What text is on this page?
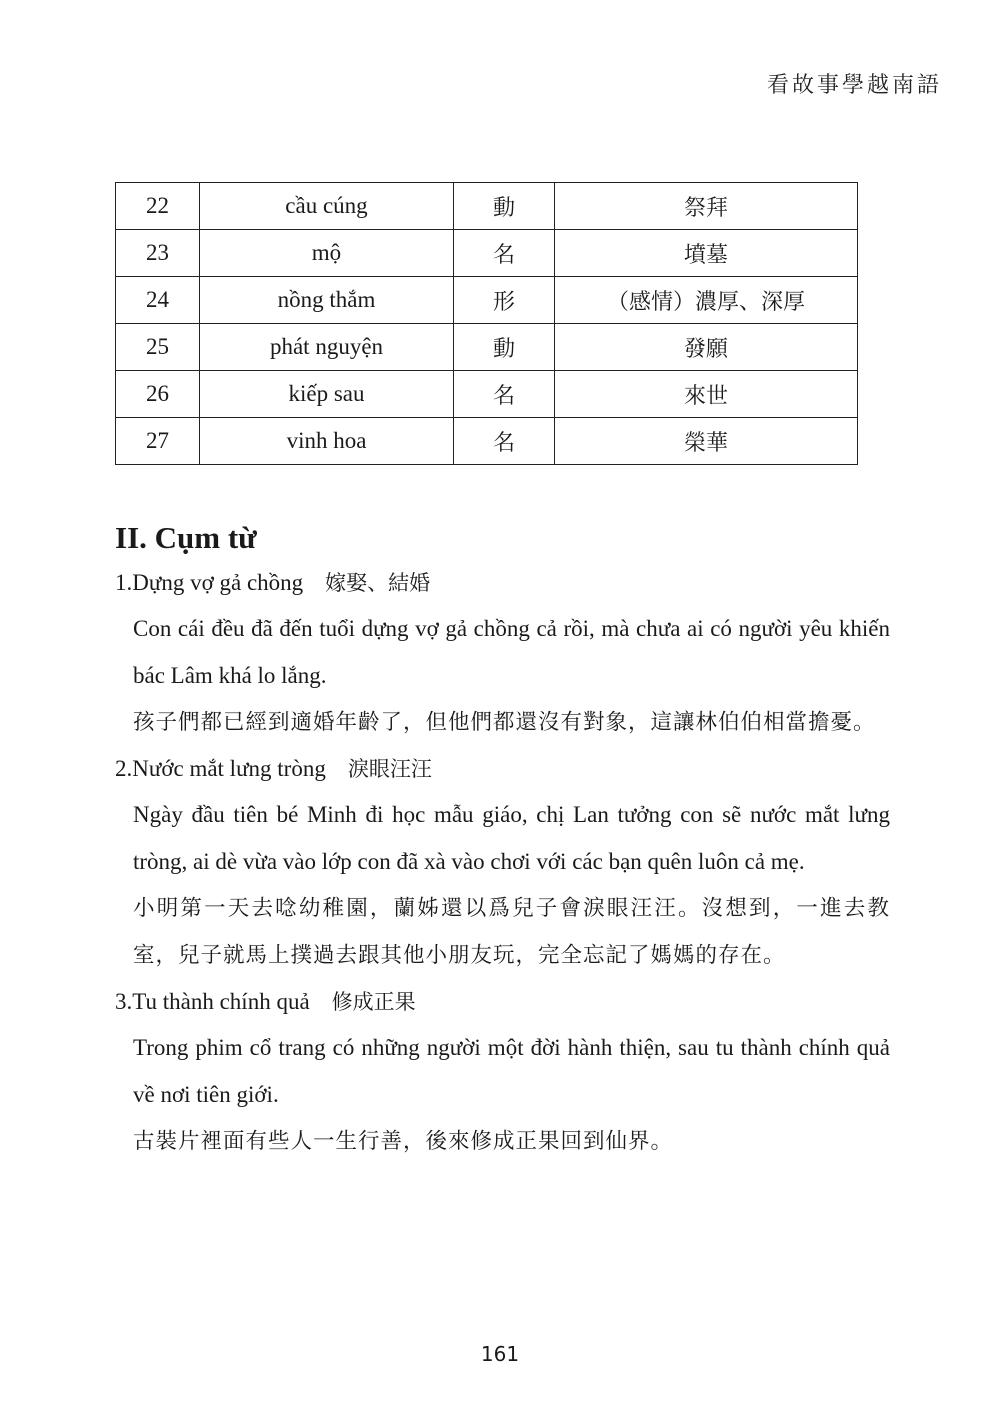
看故事學越南語
22	cầu cúng	動	祭拜
23	mộ	名	墳墓
24	nồng thắm	形	（感情）濃厚、深厚
25	phát nguyện	動	發願
26	kiếp sau	名	來世
27	vinh hoa	名	榮華
II. Cụm từ
1.Dựng vợ gả chồng 嫁娶、結婚

Con cái đều đã đến tuổi dựng vợ gả chồng cả rồi, mà chưa ai có người yêu khiến bác Lâm khá lo lắng.

孩子們都已經到適婚年齡了，但他們都還沒有對象，這讓林伯伯相當擔憂。

2.Nước mắt lưng tròng 淚眼汪汪

Ngày đầu tiên bé Minh đi học mẫu giáo, chị Lan tưởng con sẽ nước mắt lưng tròng, ai dè vừa vào lớp con đã xà vào chơi với các bạn quên luôn cả mẹ.

小明第一天去唸幼稚園，蘭姊還以爲兒子會淚眼汪汪。沒想到，一進去教室，兒子就馬上撲過去跟其他小朋友玩，完全忘記了媽媽的存在。

3.Tu thành chính quả 修成正果

Trong phim cổ trang có những người một đời hành thiện, sau tu thành chính quả về nơi tiên giới.

古裝片裡面有些人一生行善，後來修成正果回到仙界。

161
